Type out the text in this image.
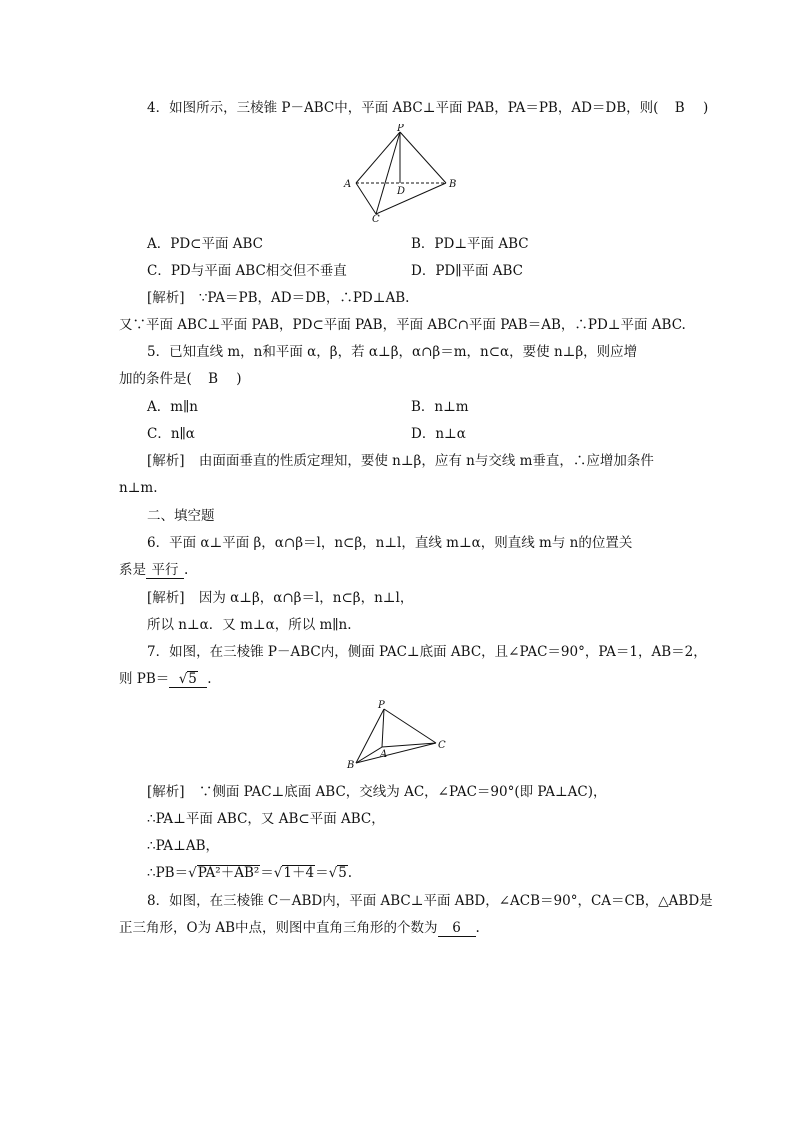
4．如图所示，三棱锥 P－ABC中，平面 ABC⊥平面 PAB，PA＝PB，AD＝DB，则( B )
P
A	B
C
D
A．PD⊂平面 ABC	B．PD⊥平面 ABC
C．PD与平面 ABC相交但不垂直	D．PD∥平面 ABC
[解析] ∵PA＝PB，AD＝DB，∴PD⊥AB.
又∵平面 ABC⊥平面 PAB，PD⊂平面 PAB，平面 ABC∩平面 PAB＝AB，∴PD⊥平面 ABC.
5．已知直线 m，n和平面 α，β，若 α⊥β，α∩β＝m，n⊂α，要使 n⊥β，则应增
加的条件是( B )
A．m∥n	B．n⊥m
C．n∥α	D．n⊥α
[解析] 由面面垂直的性质定理知，要使 n⊥β，应有 n与交线 m垂直，∴应增加条件
n⊥m.
二、填空题
6．平面 α⊥平面 β，α∩β＝l，n⊂β，n⊥l，直线 m⊥α，则直线 m与 n的位置关
系是 平行 .
[解析] 因为 α⊥β，α∩β＝l，n⊂β，n⊥l，
所以 n⊥α．又 m⊥α，所以 m∥n.
7．如图，在三棱锥 P－ABC内，侧面 PAC⊥底面 ABC，且∠PAC＝90°，PA＝1，AB＝2，
则 PB＝ √5 .
P
A
B
C
[解析] ∵侧面 PAC⊥底面 ABC，交线为 AC，∠PAC＝90°(即 PA⊥AC)，
∴PA⊥平面 ABC，又 AB⊂平面 ABC，
∴PA⊥AB，
∴PB＝√PA²＋AB²＝√1＋4＝√5.
8．如图，在三棱锥 C－ABD内，平面 ABC⊥平面 ABD，∠ACB＝90°，CA＝CB，△ABD是
正三角形，O为 AB中点，则图中直角三角形的个数为 6 .
